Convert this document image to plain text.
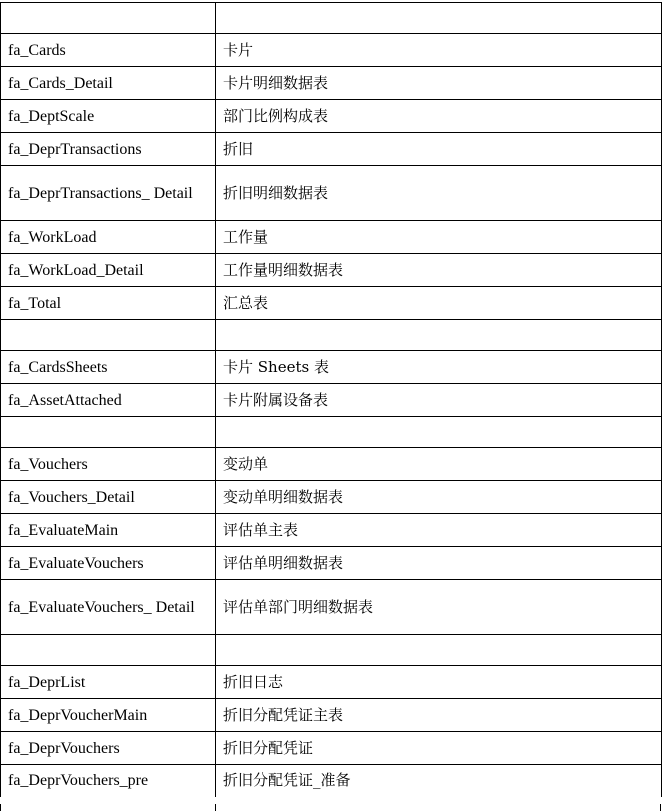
fa_Cards	卡片
fa_Cards_Detail	卡片明细数据表
fa_DeptScale	部门比例构成表
fa_DeprTransactions	折旧
fa_DeprTransactions_ Detail	折旧明细数据表
fa_WorkLoad	工作量
fa_WorkLoad_Detail	工作量明细数据表
fa_Total	汇总表

fa_CardsSheets	卡片 Sheets 表
fa_AssetAttached	卡片附属设备表

fa_Vouchers	变动单
fa_Vouchers_Detail	变动单明细数据表
fa_EvaluateMain	评估单主表
fa_EvaluateVouchers	评估单明细数据表
fa_EvaluateVouchers_ Detail	评估单部门明细数据表

fa_DeprList	折旧日志
fa_DeprVoucherMain	折旧分配凭证主表
fa_DeprVouchers	折旧分配凭证
fa_DeprVouchers_pre	折旧分配凭证_准备
